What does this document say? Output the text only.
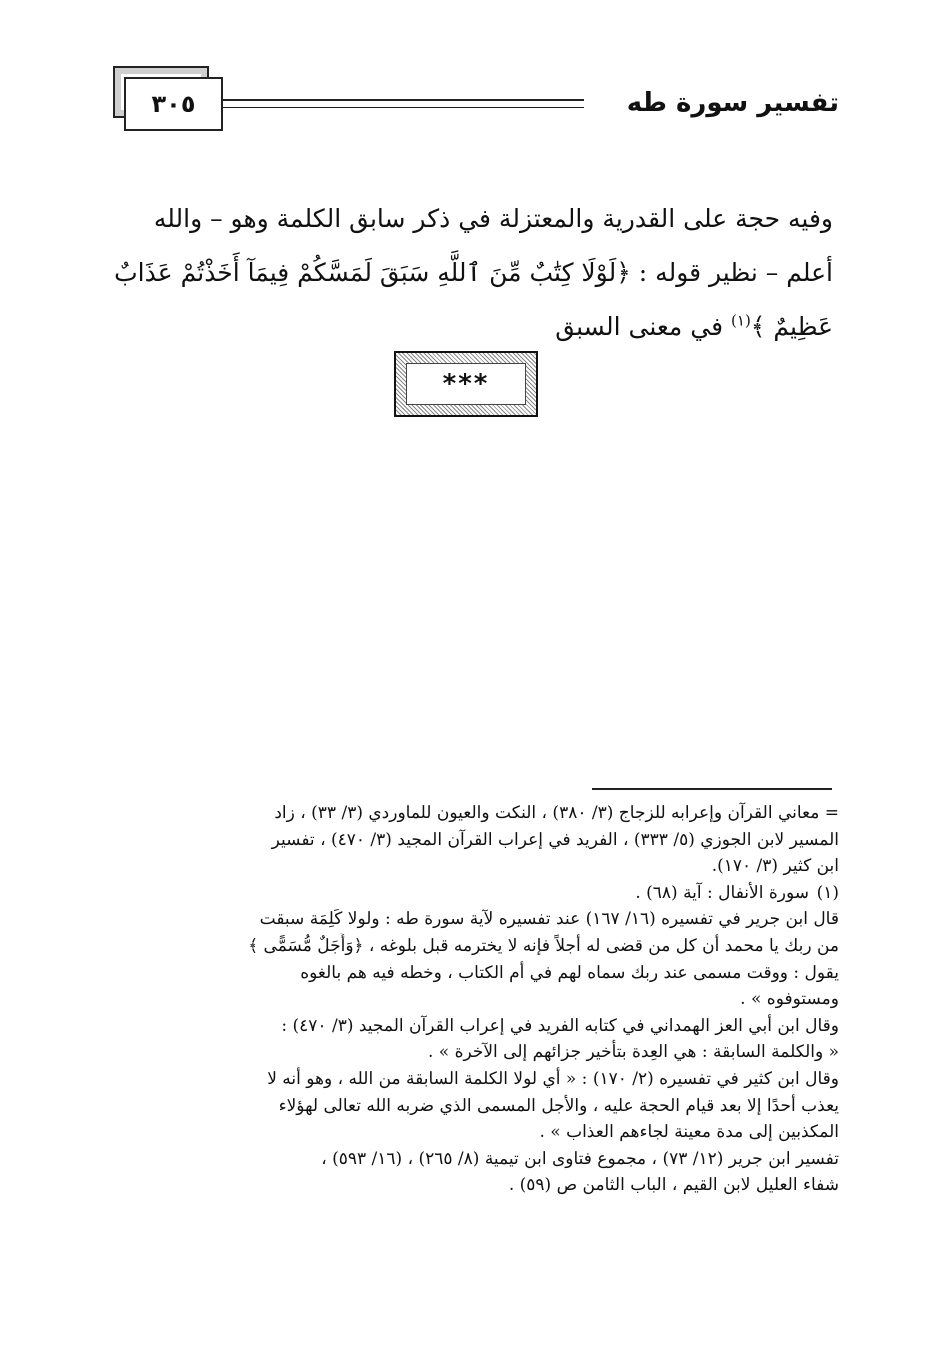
تفسير سورة طه
٣٠٥
وفيه حجة على القدرية والمعتزلة في ذكر سابق الكلمة وهو – والله
أعلم – نظير قوله : ﴿لَوْلَا كِتَٰبٌ مِّنَ ٱللَّهِ سَبَقَ لَمَسَّكُمْ فِيمَآ أَخَذْتُمْ عَذَابٌ
عَظِيمٌ ﴾$^{(١)}$ في معنى السبق
***

= معاني القرآن وإعرابه للزجاج (٣/ ٣٨٠) ، النكت والعيون للماوردي (٣/ ٣٣) ، زاد
المسير لابن الجوزي (٥/ ٣٣٣) ، الفريد في إعراب القرآن المجيد (٣/ ٤٧٠) ، تفسير
ابن كثير (٣/ ١٧٠).

(١)سورة الأنفال : آية (٦٨) .

قال ابن جرير في تفسيره (١٦/ ١٦٧) عند تفسيره لآية سورة طه : ولولا كَلِمَة سبقت
من ربك يا محمد أن كل من قضى له أجلاً فإنه لا يخترمه قبل بلوغه ، ﴿وَأَجَلٌ مُّسَمًّى ﴾
يقول : ووقت مسمى عند ربك سماه لهم في أم الكتاب ، وخطه فيه هم بالغوه
ومستوفوه » .

وقال ابن أبي العز الهمداني في كتابه الفريد في إعراب القرآن المجيد (٣/ ٤٧٠) :
« والكلمة السابقة : هي العِدة بتأخير جزائهم إلى الآخرة » .

وقال ابن كثير في تفسيره (٢/ ١٧٠) : « أي لولا الكلمة السابقة من الله ، وهو أنه لا
يعذب أحدًا إلا بعد قيام الحجة عليه ، والأجل المسمى الذي ضربه الله تعالى لهؤلاء
المكذبين إلى مدة معينة لجاءهم العذاب » .

تفسير ابن جرير (١٢/ ٧٣) ، مجموع فتاوى ابن تيمية (٨/ ٢٦٥) ، (١٦/ ٥٩٣) ،
شفاء العليل لابن القيم ، الباب الثامن ص (٥٩) .
